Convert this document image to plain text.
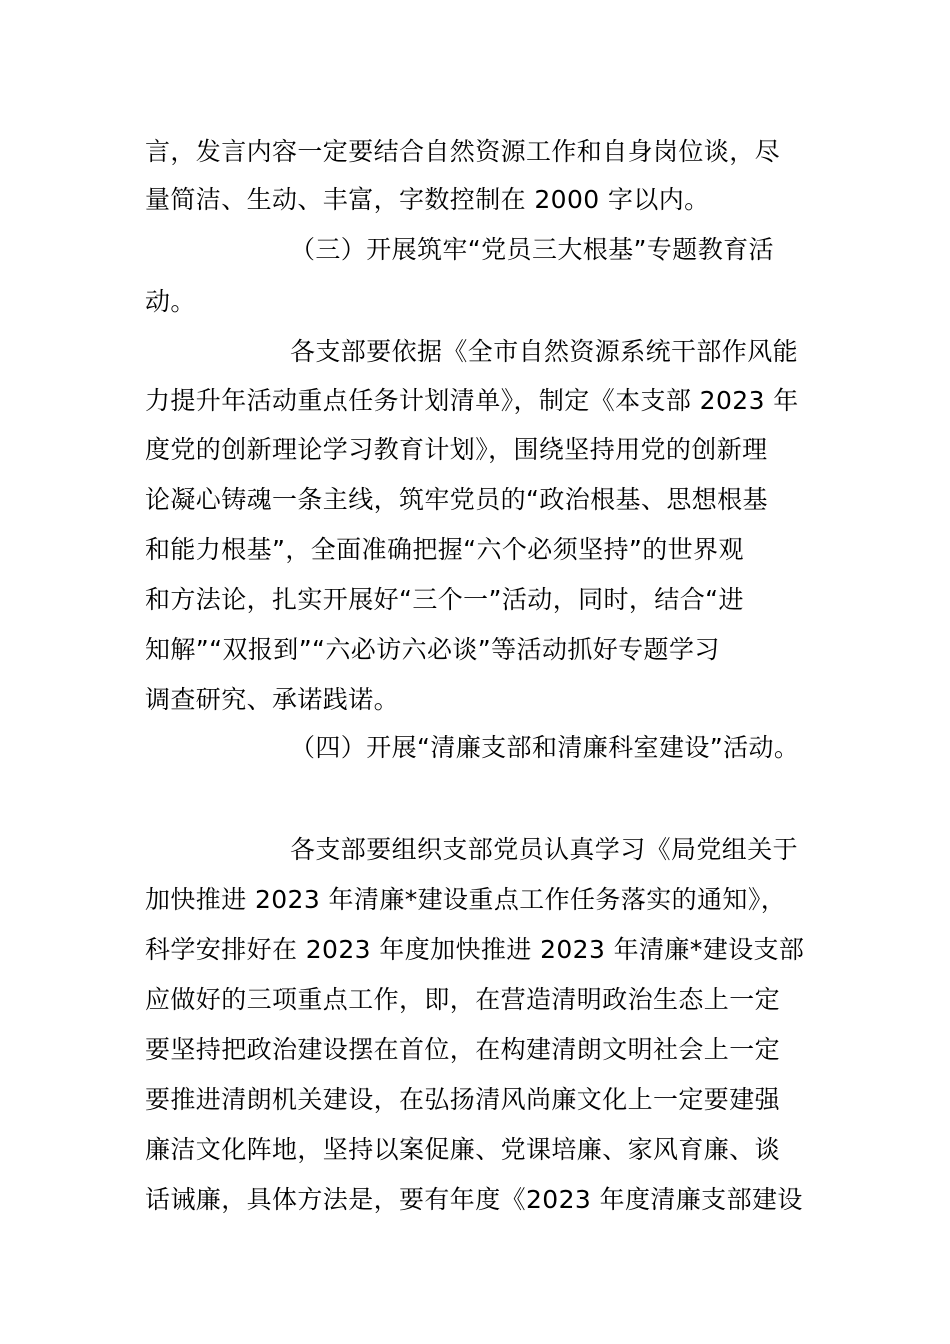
言，发言内容一定要结合自然资源工作和自身岗位谈，尽
量简洁、生动、丰富，字数控制在 2000 字以内。
（三）开展筑牢“党员三大根基”专题教育活
动。
各支部要依据《全市自然资源系统干部作风能
力提升年活动重点任务计划清单》，制定《本支部 2023 年
度党的创新理论学习教育计划》，围绕坚持用党的创新理
论凝心铸魂一条主线，筑牢党员的“政治根基、思想根基
和能力根基”，全面准确把握“六个必须坚持”的世界观
和方法论，扎实开展好“三个一”活动，同时，结合“进
知解”“双报到”“六必访六必谈”等活动抓好专题学习
调查研究、承诺践诺。
（四）开展“清廉支部和清廉科室建设”活动。
各支部要组织支部党员认真学习《局党组关于
加快推进 2023 年清廉*建设重点工作任务落实的通知》，
科学安排好在 2023 年度加快推进 2023 年清廉*建设支部
应做好的三项重点工作，即，在营造清明政治生态上一定
要坚持把政治建设摆在首位，在构建清朗文明社会上一定
要推进清朗机关建设，在弘扬清风尚廉文化上一定要建强
廉洁文化阵地，坚持以案促廉、党课培廉、家风育廉、谈
话诫廉，具体方法是，要有年度《2023 年度清廉支部建设
